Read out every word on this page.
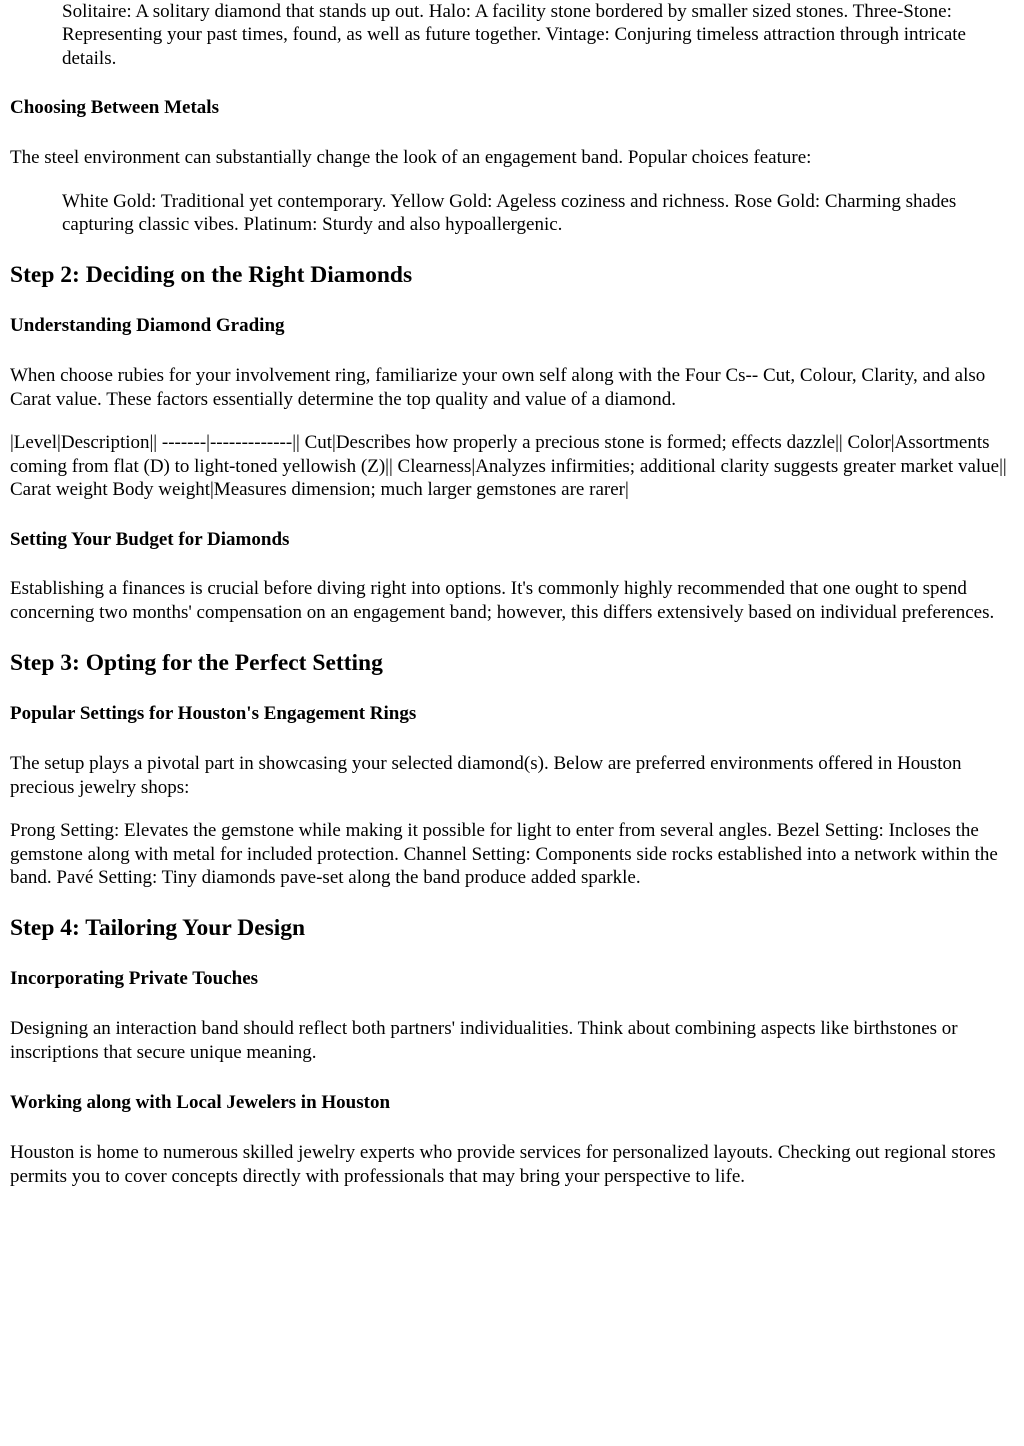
Solitaire: A solitary diamond that stands up out. Halo: A facility stone bordered by smaller sized stones. Three-Stone: Representing your past times, found, as well as future together. Vintage: Conjuring timeless attraction through intricate details.
Choosing Between Metals

The steel environment can substantially change the look of an engagement band. Popular choices feature:

White Gold: Traditional yet contemporary. Yellow Gold: Ageless coziness and richness. Rose Gold: Charming shades capturing classic vibes. Platinum: Sturdy and also hypoallergenic.
Step 2: Deciding on the Right Diamonds
Understanding Diamond Grading

When choose rubies for your involvement ring, familiarize your own self along with the Four Cs-- Cut, Colour, Clarity, and also Carat value. These factors essentially determine the top quality and value of a diamond.

|Level|Description|| -------|-------------|| Cut|Describes how properly a precious stone is formed; effects dazzle|| Color|Assortments coming from flat (D) to light-toned yellowish (Z)|| Clearness|Analyzes infirmities; additional clarity suggests greater market value|| Carat weight Body weight|Measures dimension; much larger gemstones are rarer|

Setting Your Budget for Diamonds

Establishing a finances is crucial before diving right into options. It's commonly highly recommended that one ought to spend concerning two months' compensation on an engagement band; however, this differs extensively based on individual preferences.

Step 3: Opting for the Perfect Setting
Popular Settings for Houston's Engagement Rings

The setup plays a pivotal part in showcasing your selected diamond(s). Below are preferred environments offered in Houston precious jewelry shops:

Prong Setting: Elevates the gemstone while making it possible for light to enter from several angles. Bezel Setting: Incloses the gemstone along with metal for included protection. Channel Setting: Components side rocks established into a network within the band. Pavé Setting: Tiny diamonds pave-set along the band produce added sparkle.

Step 4: Tailoring Your Design
Incorporating Private Touches

Designing an interaction band should reflect both partners' individualities. Think about combining aspects like birthstones or inscriptions that secure unique meaning.

Working along with Local Jewelers in Houston

Houston is home to numerous skilled jewelry experts who provide services for personalized layouts. Checking out regional stores permits you to cover concepts directly with professionals that may bring your perspective to life.
